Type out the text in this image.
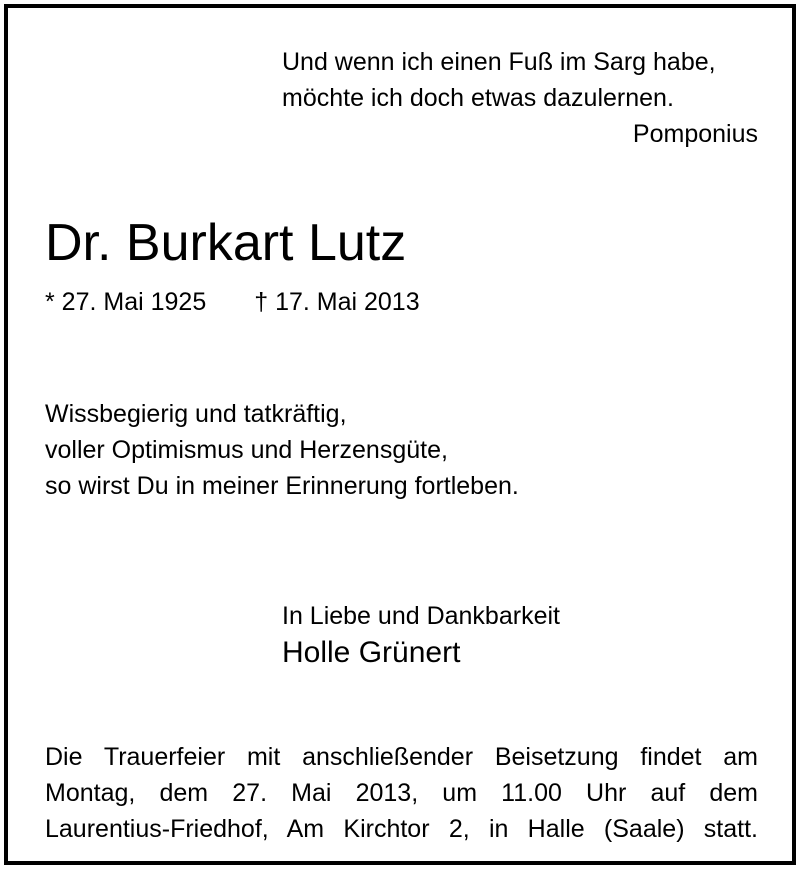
Und wenn ich einen Fuß im Sarg habe,
möchte ich doch etwas dazulernen.
Pomponius
Dr. Burkart Lutz
* 27. Mai 1925 † 17. Mai 2013
Wissbegierig und tatkräftig,
voller Optimismus und Herzensgüte,
so wirst Du in meiner Erinnerung fortleben.
In Liebe und Dankbarkeit
Holle Grünert
Die Trauerfeier mit anschließender Beisetzung findet am
Montag, dem 27. Mai 2013, um 11.00 Uhr auf dem
Laurentius-Friedhof, Am Kirchtor 2, in Halle (Saale) statt.
